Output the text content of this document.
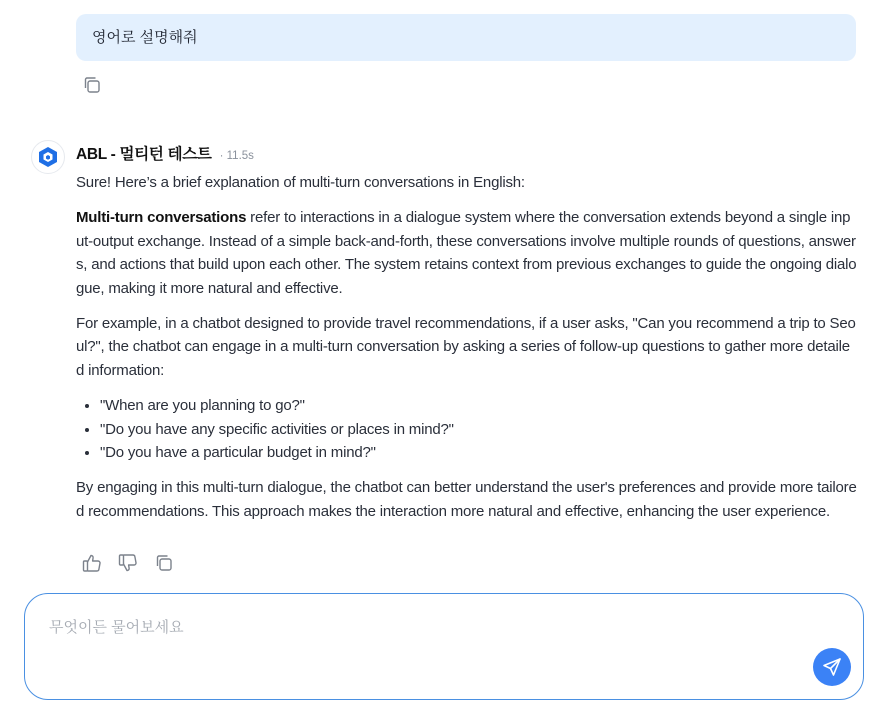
영어로 설명해줘
ABL - 멀티턴 테스트 · 11.5s

Sure! Here’s a brief explanation of multi-turn conversations in English:

Multi-turn conversations refer to interactions in a dialogue system where the conversation extends beyond a single input-output exchange. Instead of a simple back-and-forth, these conversations involve multiple rounds of questions, answers, and actions that build upon each other. The system retains context from previous exchanges to guide the ongoing dialogue, making it more natural and effective.

For example, in a chatbot designed to provide travel recommendations, if a user asks, "Can you recommend a trip to Seoul?", the chatbot can engage in a multi-turn conversation by asking a series of follow-up questions to gather more detailed information:

• "When are you planning to go?"
• "Do you have any specific activities or places in mind?"
• "Do you have a particular budget in mind?"

By engaging in this multi-turn dialogue, the chatbot can better understand the user's preferences and provide more tailored recommendations. This approach makes the interaction more natural and effective, enhancing the user experience.

무엇이든 물어보세요
